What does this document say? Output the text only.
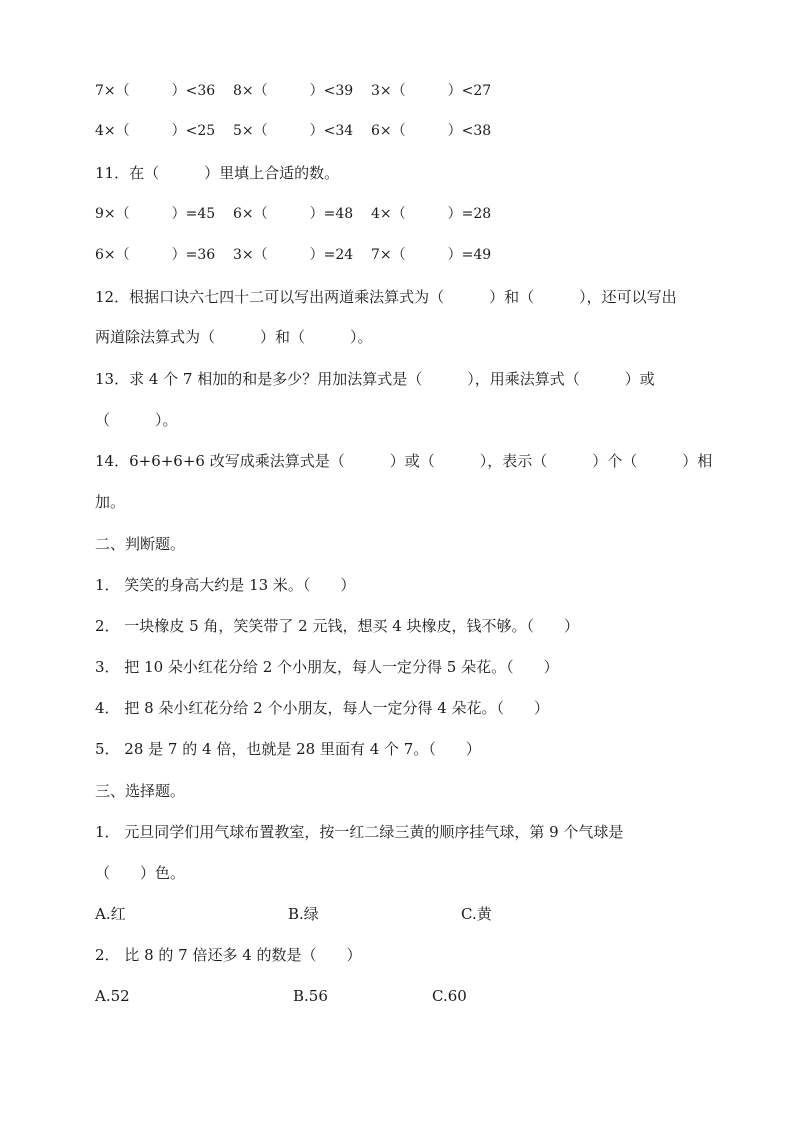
7×（　　　）<36 8×（　　　）<39 3×（　　　）<27
4×（　　　）<25 5×（　　　）<34 6×（　　　）<38
11．在（　　　）里填上合适的数。
9×（　　　）=45 6×（　　　）=48 4×（　　　）=28
6×（　　　）=36 3×（　　　）=24 7×（　　　）=49
12．根据口诀六七四十二可以写出两道乘法算式为（　　　）和（　　　），还可以写出
两道除法算式为（　　　）和（　　　）。
13．求 4 个 7 相加的和是多少？用加法算式是（　　　），用乘法算式（　　　）或
（　　　）。
14．6+6+6+6 改写成乘法算式是（　　　）或（　　　），表示（　　　）个（　　　）相
加。
二、判断题。
1． 笑笑的身高大约是 13 米。（　　）
2． 一块橡皮 5 角，笑笑带了 2 元钱，想买 4 块橡皮，钱不够。（　　）
3． 把 10 朵小红花分给 2 个小朋友，每人一定分得 5 朵花。（　　）
4． 把 8 朵小红花分给 2 个小朋友，每人一定分得 4 朵花。（　　）
5． 28 是 7 的 4 倍，也就是 28 里面有 4 个 7。（　　）
三、选择题。
1． 元旦同学们用气球布置教室，按一红二绿三黄的顺序挂气球，第 9 个气球是
（　　）色。
A.红	B.绿	C.黄
2． 比 8 的 7 倍还多 4 的数是（　　）
A.52	B.56	C.60
